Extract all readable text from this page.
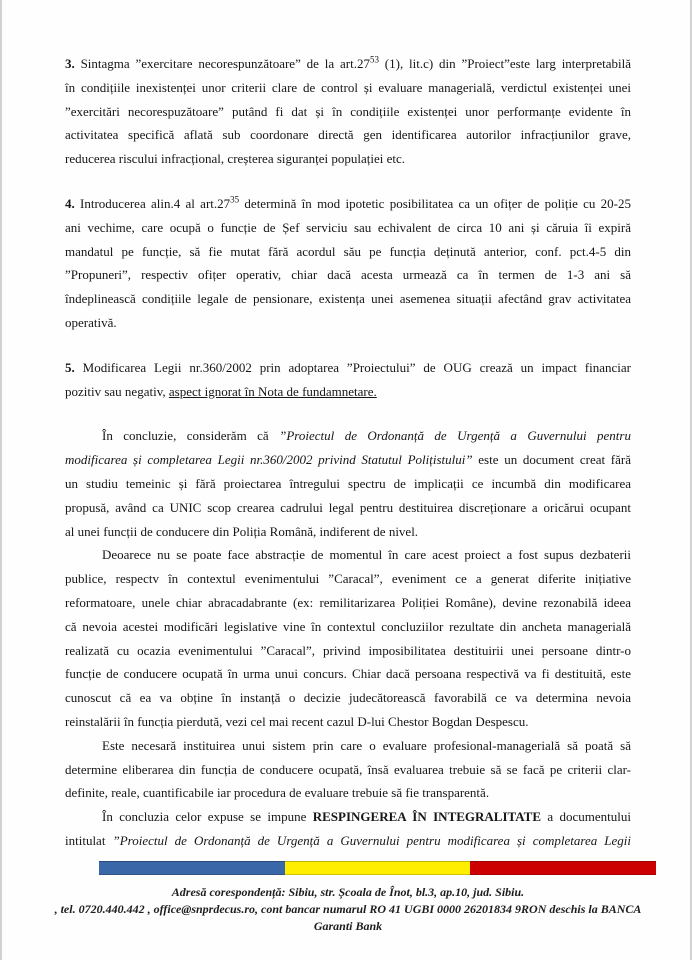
3. Sintagma ”exercitare necorespunzătoare” de la $art.27^{53}$ (1), lit.c) din ”Proiect”este larg interpretabilă
în condițiile inexistenței unor criterii clare de control și evaluare managerială, verdictul existenței unei
”exercitări necorespuzătoare” putând fi dat și în condițiile existenței unor performanțe evidente în
activitatea specifică aflată sub coordonare directă gen identificarea autorilor infracțiunilor grave,
reducerea riscului infracțional, creșterea siguranței populației etc.
4. Introducerea alin.4 al $art.27^{35}$ determină în mod ipotetic posibilitatea ca un ofițer de poliție cu 20-25
ani vechime, care ocupă o funcție de Șef serviciu sau echivalent de circa 10 ani și căruia îi expiră
mandatul pe funcție, să fie mutat fără acordul său pe funcția deținută anterior, conf. pct.4-5 din
”Propuneri”, respectiv ofițer operativ, chiar dacă acesta urmează ca în termen de 1-3 ani să
îndeplinească condițiile legale de pensionare, existența unei asemenea situații afectând grav activitatea
operativă.
5. Modificarea Legii nr.360/2002 prin adoptarea ”Proiectului” de OUG crează un impact financiar
pozitiv sau negativ, aspect ignorat în Nota de fundamnetare.
În concluzie, considerăm că ”Proiectul de Ordonanță de Urgență a Guvernului pentru
modificarea și completarea Legii nr.360/2002 privind Statutul Polițistului” este un document creat fără
un studiu temeinic și fără proiectarea întregului spectru de implicații ce incumbă din modificarea
propusă, având ca UNIC scop crearea cadrului legal pentru destituirea discreționare a oricărui ocupant
al unei funcții de conducere din Poliția Română, indiferent de nivel.
Deoarece nu se poate face abstracție de momentul în care acest proiect a fost supus dezbaterii
publice, respectv în contextul evenimentului ”Caracal”, eveniment ce a generat diferite inițiative
reformatoare, unele chiar abracadabrante (ex: remilitarizarea Poliției Române), devine rezonabilă ideea
că nevoia acestei modificări legislative vine în contextul concluziilor rezultate din ancheta managerială
realizată cu ocazia evenimentului ”Caracal”, privind imposibilitatea destituirii unei persoane dintr-o
funcție de conducere ocupată în urma unui concurs. Chiar dacă persoana respectivă va fi destituită, este
cunoscut că ea va obține în instanță o decizie judecătorească favorabilă ce va determina nevoia
reinstalării în funcția pierdută, vezi cel mai recent cazul D-lui Chestor Bogdan Despescu.
Este necesară instituirea unui sistem prin care o evaluare profesional-managerială să poată să
determine eliberarea din funcția de conducere ocupată, însă evaluarea trebuie să se facă pe criterii clar-
definite, reale, cuantificabile iar procedura de evaluare trebuie să fie transparentă.
În concluzia celor expuse se impune RESPINGEREA ÎN INTEGRALITATE a documentului
intitulat ”Proiectul de Ordonanță de Urgență a Guvernului pentru modificarea și completarea Legii
Adresă corespondență: Sibiu, str. Școala de Înot, bl.3, ap.10, jud. Sibiu.
, tel. 0720.440.442 , office@snprdecus.ro, cont bancar numarul RO 41 UGBI 0000 26201834 9RON deschis la BANCA
Garanti Bank
